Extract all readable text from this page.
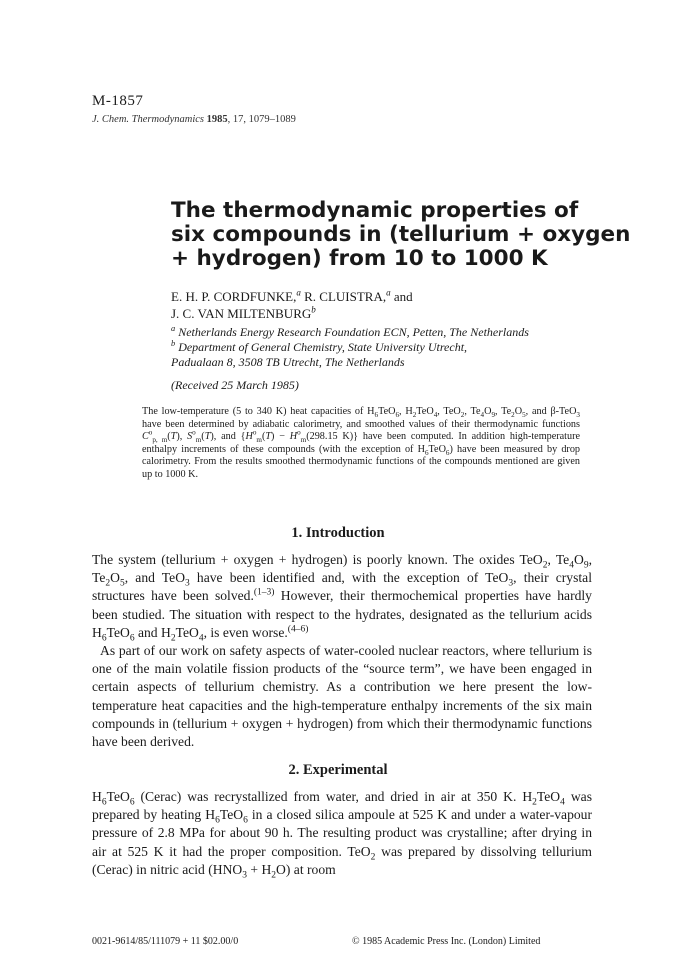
M-1857
J. Chem. Thermodynamics 1985, 17, 1079–1089
The thermodynamic properties of
six compounds in (tellurium + oxygen
+ hydrogen) from 10 to 1000 K
E. H. P. CORDFUNKE,$^a$ R. CLUISTRA,$^a$ and
J. C. VAN MILTENBURG$^b$
$^a$ Netherlands Energy Research Foundation ECN, Petten, The Netherlands
$^b$ Department of General Chemistry, State University Utrecht,
Padualaan 8, 3508 TB Utrecht, The Netherlands
(Received 25 March 1985)

The low-temperature (5 to 340 K) heat capacities of $H_6TeO_6$, $H_2TeO_4$, TeO$_2$, $Te_4O_9$, $Te_2O_5$, and β-TeO$_3$ have been determined by adiabatic calorimetry, and smoothed values of their thermodynamic functions $C^o_{p, m}(T)$, $S^o_m(T)$, and {$H^o_m(T) - H^o_m(298.15$ K)} have been computed. In addition high-temperature enthalpy increments of these compounds (with the exception of $H_6TeO_6$) have been measured by drop calorimetry. From the results smoothed thermodynamic functions of the compounds mentioned are given up to 1000 K.

1. Introduction

The system (tellurium + oxygen + hydrogen) is poorly known. The oxides TeO$_2$, $Te_4O_9$, $Te_2O_5$, and TeO$_3$ have been identified and, with the exception of TeO$_3$, their crystal structures have been solved.$^{(1-3)}$ However, their thermochemical properties have hardly been studied. The situation with respect to the hydrates, designated as the tellurium acids $H_6TeO_6$ and $H_2TeO_4$, is even worse.$^{(4-6)}$

As part of our work on safety aspects of water-cooled nuclear reactors, where tellurium is one of the main volatile fission products of the “source term”, we have been engaged in certain aspects of tellurium chemistry. As a contribution we here present the low-temperature heat capacities and the high-temperature enthalpy increments of the six main compounds in (tellurium + oxygen + hydrogen) from which their thermodynamic functions have been derived.

2. Experimental

$H_6TeO_6$ (Cerac) was recrystallized from water, and dried in air at 350 K. $H_2TeO_4$ was prepared by heating $H_6TeO_6$ in a closed silica ampoule at 525 K and under a water-vapour pressure of 2.8 MPa for about 90 h. The resulting product was crystalline; after drying in air at 525 K it had the proper composition. TeO$_2$ was prepared by dissolving tellurium (Cerac) in nitric acid $(HNO_3 + H_2O)$ at room

0021-9614/85/111079 + 11 $02.00/0	© 1985 Academic Press Inc. (London) Limited
